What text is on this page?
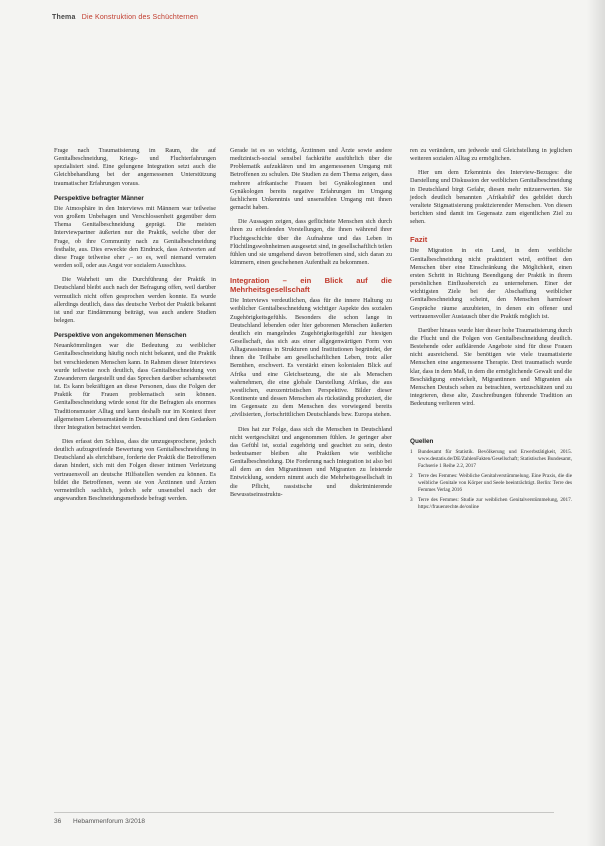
Thema Die Konstruktion des Schüchternen

Frage nach Traumatisierung im Raum, die auf Genitalbeschneidung, Kriegs- und Fluchterfahrungen spezialisiert sind. Eine gelungene Integration setzt auch die Gleichbehandlung bei der angemessenen Unterstützung traumatischer Erfahrungen voraus.

Perspektive befragter Männer

Die Atmosphäre in den Interviews mit Männern war teilweise von großem Unbehagen und Verschlossenheit gegenüber dem Thema Genitalbeschneidung geprägt. Die meisten Interviewpartner äußerten nur die Praktik, welche über der Frage, ob ihre Community nach zu Genitalbeschneidung festhalte, aus. Dies erweckte den Eindruck, dass Antworten auf diese Frage teilweise eher ,– so es, weil niemand verraten werden soll, oder aus Angst vor sozialem Ausschluss.

Die Wahrheit um die Durchführung der Praktik in Deutschland bleibt auch nach der Befragung offen, weil darüber vermutlich nicht offen gesprochen werden konnte. Es wurde allerdings deutlich, dass das deutsche Verbot der Praktik bekannt ist und zur Eindämmung beiträgt, was auch andere Studien belegen.

Perspektive von angekommenen Menschen

Neuankömmlingen war die Bedeutung zu weiblicher Genitalbeschneidung häufig noch nicht bekannt, und die Praktik bei verschiedenen Menschen kann. In Rahmen dieser Interviews wurde teilweise noch deutlich, dass Genitalbeschneidung von Zuwanderern dargestellt und das Sprechen darüber schambesetzt ist. Es kann bekräftigen an diese Personen, dass die Folgen der Praktik für Frauen problematisch sein können. Genitalbeschneidung würde sonst für die Befragten als enormes Traditionsmuster Alltag und kann deshalb nur im Kontext ihrer allgemeinen Lebensumstände in Deutschland und dem Gedanken ihrer Integration betrachtet werden.

Dies erfasst den Schluss, dass die umzugesprochene, jedoch deutlich aufzugreifende Bewertung von Genitalbeschneidung in Deutschland als ehrichtbare, forderte der Praktik die Betroffenen daran hindert, sich mit den Folgen dieser intimen Verletzung vertrauensvoll an deutsche Hilfsstellen wenden zu können. Es bildet die Betroffenen, wenn sie von Ärztinnen und Ärzten vermeintlich sachlich, jedoch sehr unsensibel nach der angewandten Beschneidungsmethode befragt werden.

Gerade ist es so wichtig, Ärztinnen und Ärzte sowie andere medizinisch-sozial sensibel fachkräfte ausführlich über die Problematik aufzuklären und im angemessenen Umgang mit Betroffenen zu schulen. Die Studien zu dem Thema zeigen, dass mehrere afrikanische Frauen bei Gynäkologinnen und Gynäkologen bereits negative Erfahrungen im Umgang fachlichem Unkenntnis und unsensiblen Umgang mit ihnen gemacht haben.

Die Aussagen zeigen, dass geflüchtete Menschen sich durch ihren zu erleidenden Vorstellungen, die ihnen während ihrer Fluchtgeschichte über die Aufnahme und das Leben in Flüchtlingswohnheimen ausgesetzt sind, in gesellschaftlich teilen fühlen und sie umgehend davon betroffenen sind, sich daran zu kümmern, einen geschehenen Aufenthalt zu bekommen.

Integration – ein Blick auf die Mehrheitsgesellschaft

Die Interviews verdeutlichen, dass für die innere Haltung zu weiblicher Genitalbeschneidung wichtiger Aspekte des sozialen Zugehörigkeitsgefühls. Besonders die schon lange in Deutschland lebenden oder hier geborenen Menschen äußerten deutlich ein mangelndes Zugehörigkeitsgefühl zur hiesigen Gesellschaft, das sich aus einer allgegenwärtigen Form von Alltagsrassismus in Strukturen und Institutionen begründet, der ihnen die Teilhabe am gesellschaftlichen Leben, trotz aller Bemühen, erschwert. Es verstärkt einen kolonialen Blick auf Afrika und eine Gleichsetzung, die sie als Menschen wahrnehmen, die eine globale Darstellung Afrikas, die aus ,westlichen, eurozentristischen Perspektive. Bilder dieser Kontinente und dessen Menschen als rückständig produziert, die im Gegensatz zu dem Menschen des vorwiegend bereits ,zivilisierten, ,fortschrittlichen Deutschlands bzw. Europa stehen.

Dies hat zur Folge, dass sich die Menschen in Deutschland nicht wertgeschätzt und angenommen fühlen. Je geringer aber das Gefühl ist, sozial zugehörig und geachtet zu sein, desto bedeutsamer bleiben alte Praktiken wie weibliche Genitalbeschneidung. Die Forderung nach Integration ist also bei all dem an den Migrantinnen und Migranten zu leistende Entwicklung, sondern nimmt auch die Mehrheitsgesellschaft in die Pflicht, rassistische und diskriminierende Bewusstseinsstruktu-

ren zu verändern, um jedwede und Gleichstellung in jeglichen weiteren sozialen Alltag zu ermöglichen.

Hier um dem Erkenntnis des Interview-Bezuges: die Darstellung und Diskussion der weiblichen Genitalbeschneidung in Deutschland birgt Gefahr, diesen mehr mitzuerwerten. Sie jedoch deutlich benannten ,Afrikabild' des gebildet durch veraltete Stigmatisierung praktizierender Menschen. Von diesen berichten sind damit im Gegensatz zum eigentlichen Ziel zu sehen.

Fazit

Die Migration in ein Land, in dem weibliche Genitalbeschneidung nicht praktiziert wird, eröffnet den Menschen über eine Einschränkung die Möglichkeit, einen ersten Schritt in Richtung Beendigung der Praktik in ihrem persönlichen Einflussbereich zu unternehmen. Einer der wichtigsten Ziele bei der Abschaffung weiblicher Genitalbeschneidung scheint, den Menschen harmloser Gespräche räume anzubieten, in denen ein offener und vertrauensvoller Austausch über die Praktik möglich ist.

Darüber hinaus wurde hier dieser hohe Traumatisierung durch die Flucht und die Folgen von Genitalbeschneidung deutlich. Bestehende oder aufklärende Angebote sind für diese Frauen nicht ausreichend. Sie benötigen wie viele traumatisierte Menschen eine angemessene Therapie. Drei traumatisch wurde klar, dass in dem Maß, in dem die ermöglichende Gewalt und die Beschädigung entwickelt, Migrantinnen und Migranten als Menschen Deutsch sehen zu betrachten, wertzuschätzen und zu integrieren, diese alte, Zuschreibungen führende Tradition an Bedeutung verlieren wird.

Quellen
1	Bundesamt für Statistik. Bevölkerung und Erwerbstätigkeit, 2015. www.destatis.de/DE/ZahlenFakten/Gesellschaft; Statistisches Bundesamt, Fachserie 1 Reihe 2.2, 2017
2	Terre des Femmes: Weibliche Genitalverstümmelung. Eine Praxis, die die weibliche Genitale von Körper und Seele beeinträchtigt. Berlin: Terre des Femmes Verlag 2016
3	Terre des Femmes: Studie zur weiblichen Genitalverstümmelung, 2017. https://frauenrechte.de/online
36 Hebammenforum 3/2018
